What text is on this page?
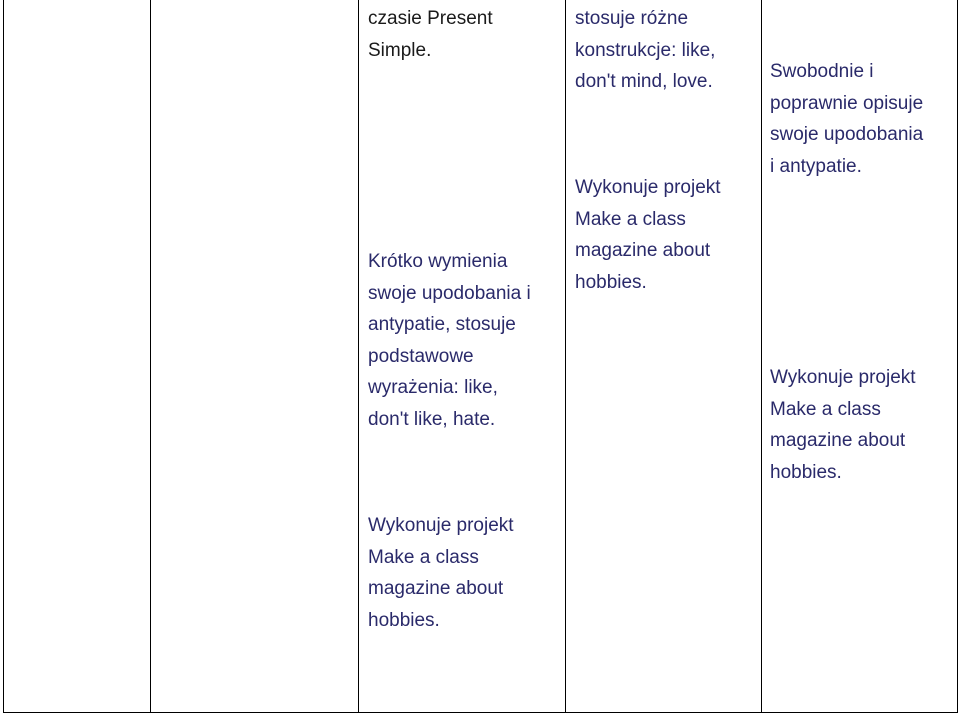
czasie Present

Simple.

Krótko wymienia

swoje upodobania i

antypatie, stosuje

podstawowe

wyrażenia: like,

don't like, hate.

Wykonuje projekt

Make a class

magazine about

hobbies.

stosuje różne

konstrukcje: like,

don't mind, love.

Wykonuje projekt

Make a class

magazine about

hobbies.

Swobodnie i

poprawnie opisuje

swoje upodobania

i antypatie.

Wykonuje projekt

Make a class

magazine about

hobbies.
